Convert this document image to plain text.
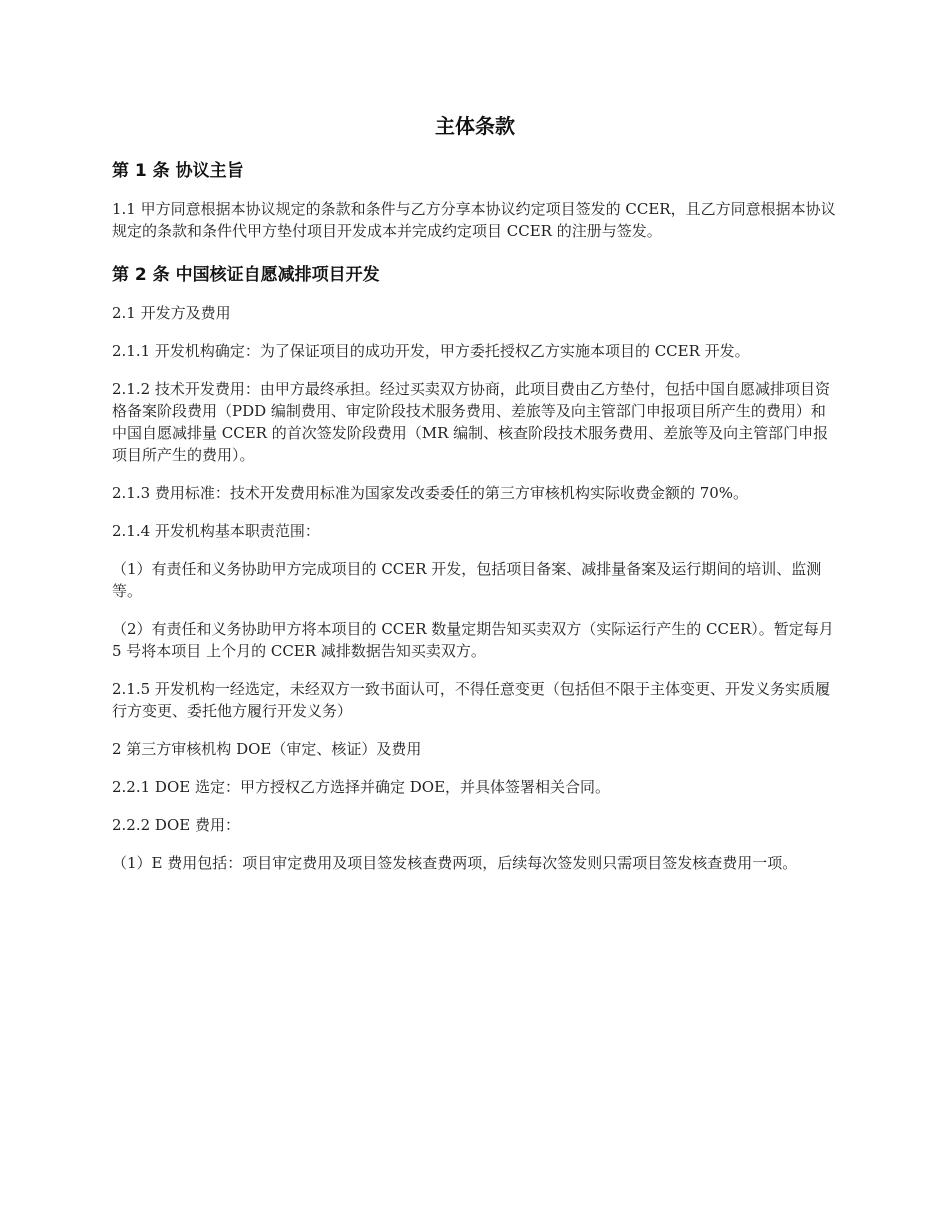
主体条款
第 1 条 协议主旨

1.1 甲方同意根据本协议规定的条款和条件与乙方分享本协议约定项目签发的 CCER，且乙方同意根据本协议规定的条款和条件代甲方垫付项目开发成本并完成约定项目 CCER 的注册与签发。

第 2 条 中国核证自愿减排项目开发

2.1 开发方及费用

2.1.1 开发机构确定：为了保证项目的成功开发，甲方委托授权乙方实施本项目的 CCER 开发。

2.1.2 技术开发费用：由甲方最终承担。经过买卖双方协商，此项目费由乙方垫付，包括中国自愿减排项目资格备案阶段费用（PDD 编制费用、审定阶段技术服务费用、差旅等及向主管部门申报项目所产生的费用）和中国自愿减排量 CCER 的首次签发阶段费用（MR 编制、核查阶段技术服务费用、差旅等及向主管部门申报项目所产生的费用）。

2.1.3 费用标准：技术开发费用标准为国家发改委委任的第三方审核机构实际收费金额的 70%。

2.1.4 开发机构基本职责范围：

（1）有责任和义务协助甲方完成项目的 CCER 开发，包括项目备案、减排量备案及运行期间的培训、监测等。

（2）有责任和义务协助甲方将本项目的 CCER 数量定期告知买卖双方（实际运行产生的 CCER）。暂定每月 5 号将本项目 上个月的 CCER 减排数据告知买卖双方。

2.1.5 开发机构一经选定，未经双方一致书面认可，不得任意变更（包括但不限于主体变更、开发义务实质履行方变更、委托他方履行开发义务）

2 第三方审核机构 DOE（审定、核证）及费用

2.2.1 DOE 选定：甲方授权乙方选择并确定 DOE，并具体签署相关合同。

2.2.2 DOE 费用：

（1）E 费用包括：项目审定费用及项目签发核查费两项，后续每次签发则只需项目签发核查费用一项。
